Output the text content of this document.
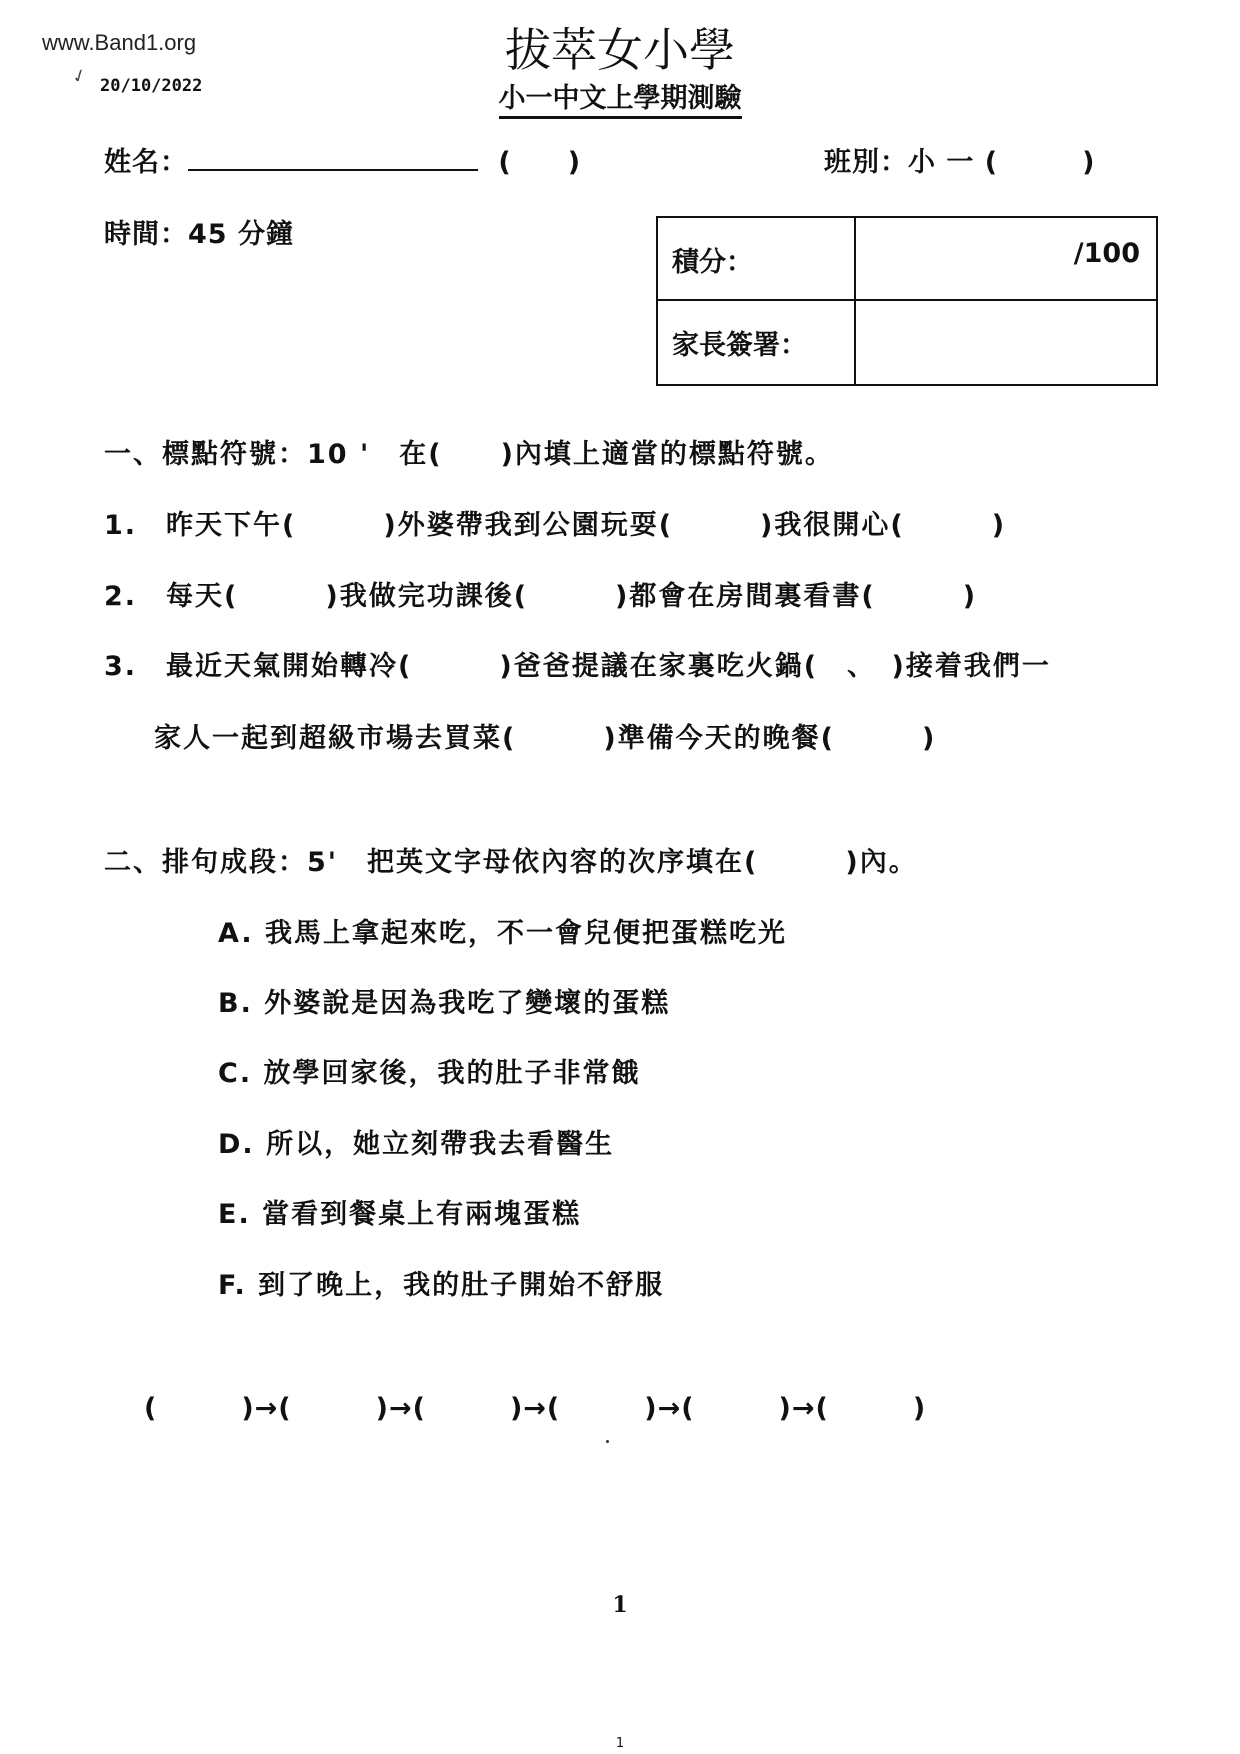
www.Band1.org
✓ 20/10/2022
拔萃女小學
小一中文上學期測驗
姓名：	(　　)	班別：小 一 (　　　)
時間：45 分鐘
積分：	/100
家長簽署：
一、標點符號：10 '　在(　　)內填上適當的標點符號。
1.　昨天下午(　　　)外婆帶我到公園玩耍(　　　)我很開心(　　　)
2.　每天(　　　)我做完功課後(　　　)都會在房間裏看書(　　　)
3.　最近天氣開始轉冷(　　　)爸爸提議在家裏吃火鍋(　、　)接着我們一
家人一起到超級市場去買菜(　　　)準備今天的晚餐(　　　)
二、排句成段：5'　把英文字母依內容的次序填在(　　　)內。
A. 我馬上拿起來吃，不一會兒便把蛋糕吃光
B. 外婆說是因為我吃了變壞的蛋糕
C. 放學回家後，我的肚子非常餓
D. 所以，她立刻帶我去看醫生
E. 當看到餐桌上有兩塊蛋糕
F. 到了晚上，我的肚子開始不舒服
(　　　)→(　　　)→(　　　)→(　　　)→(　　　)→(　　　)
1
1
